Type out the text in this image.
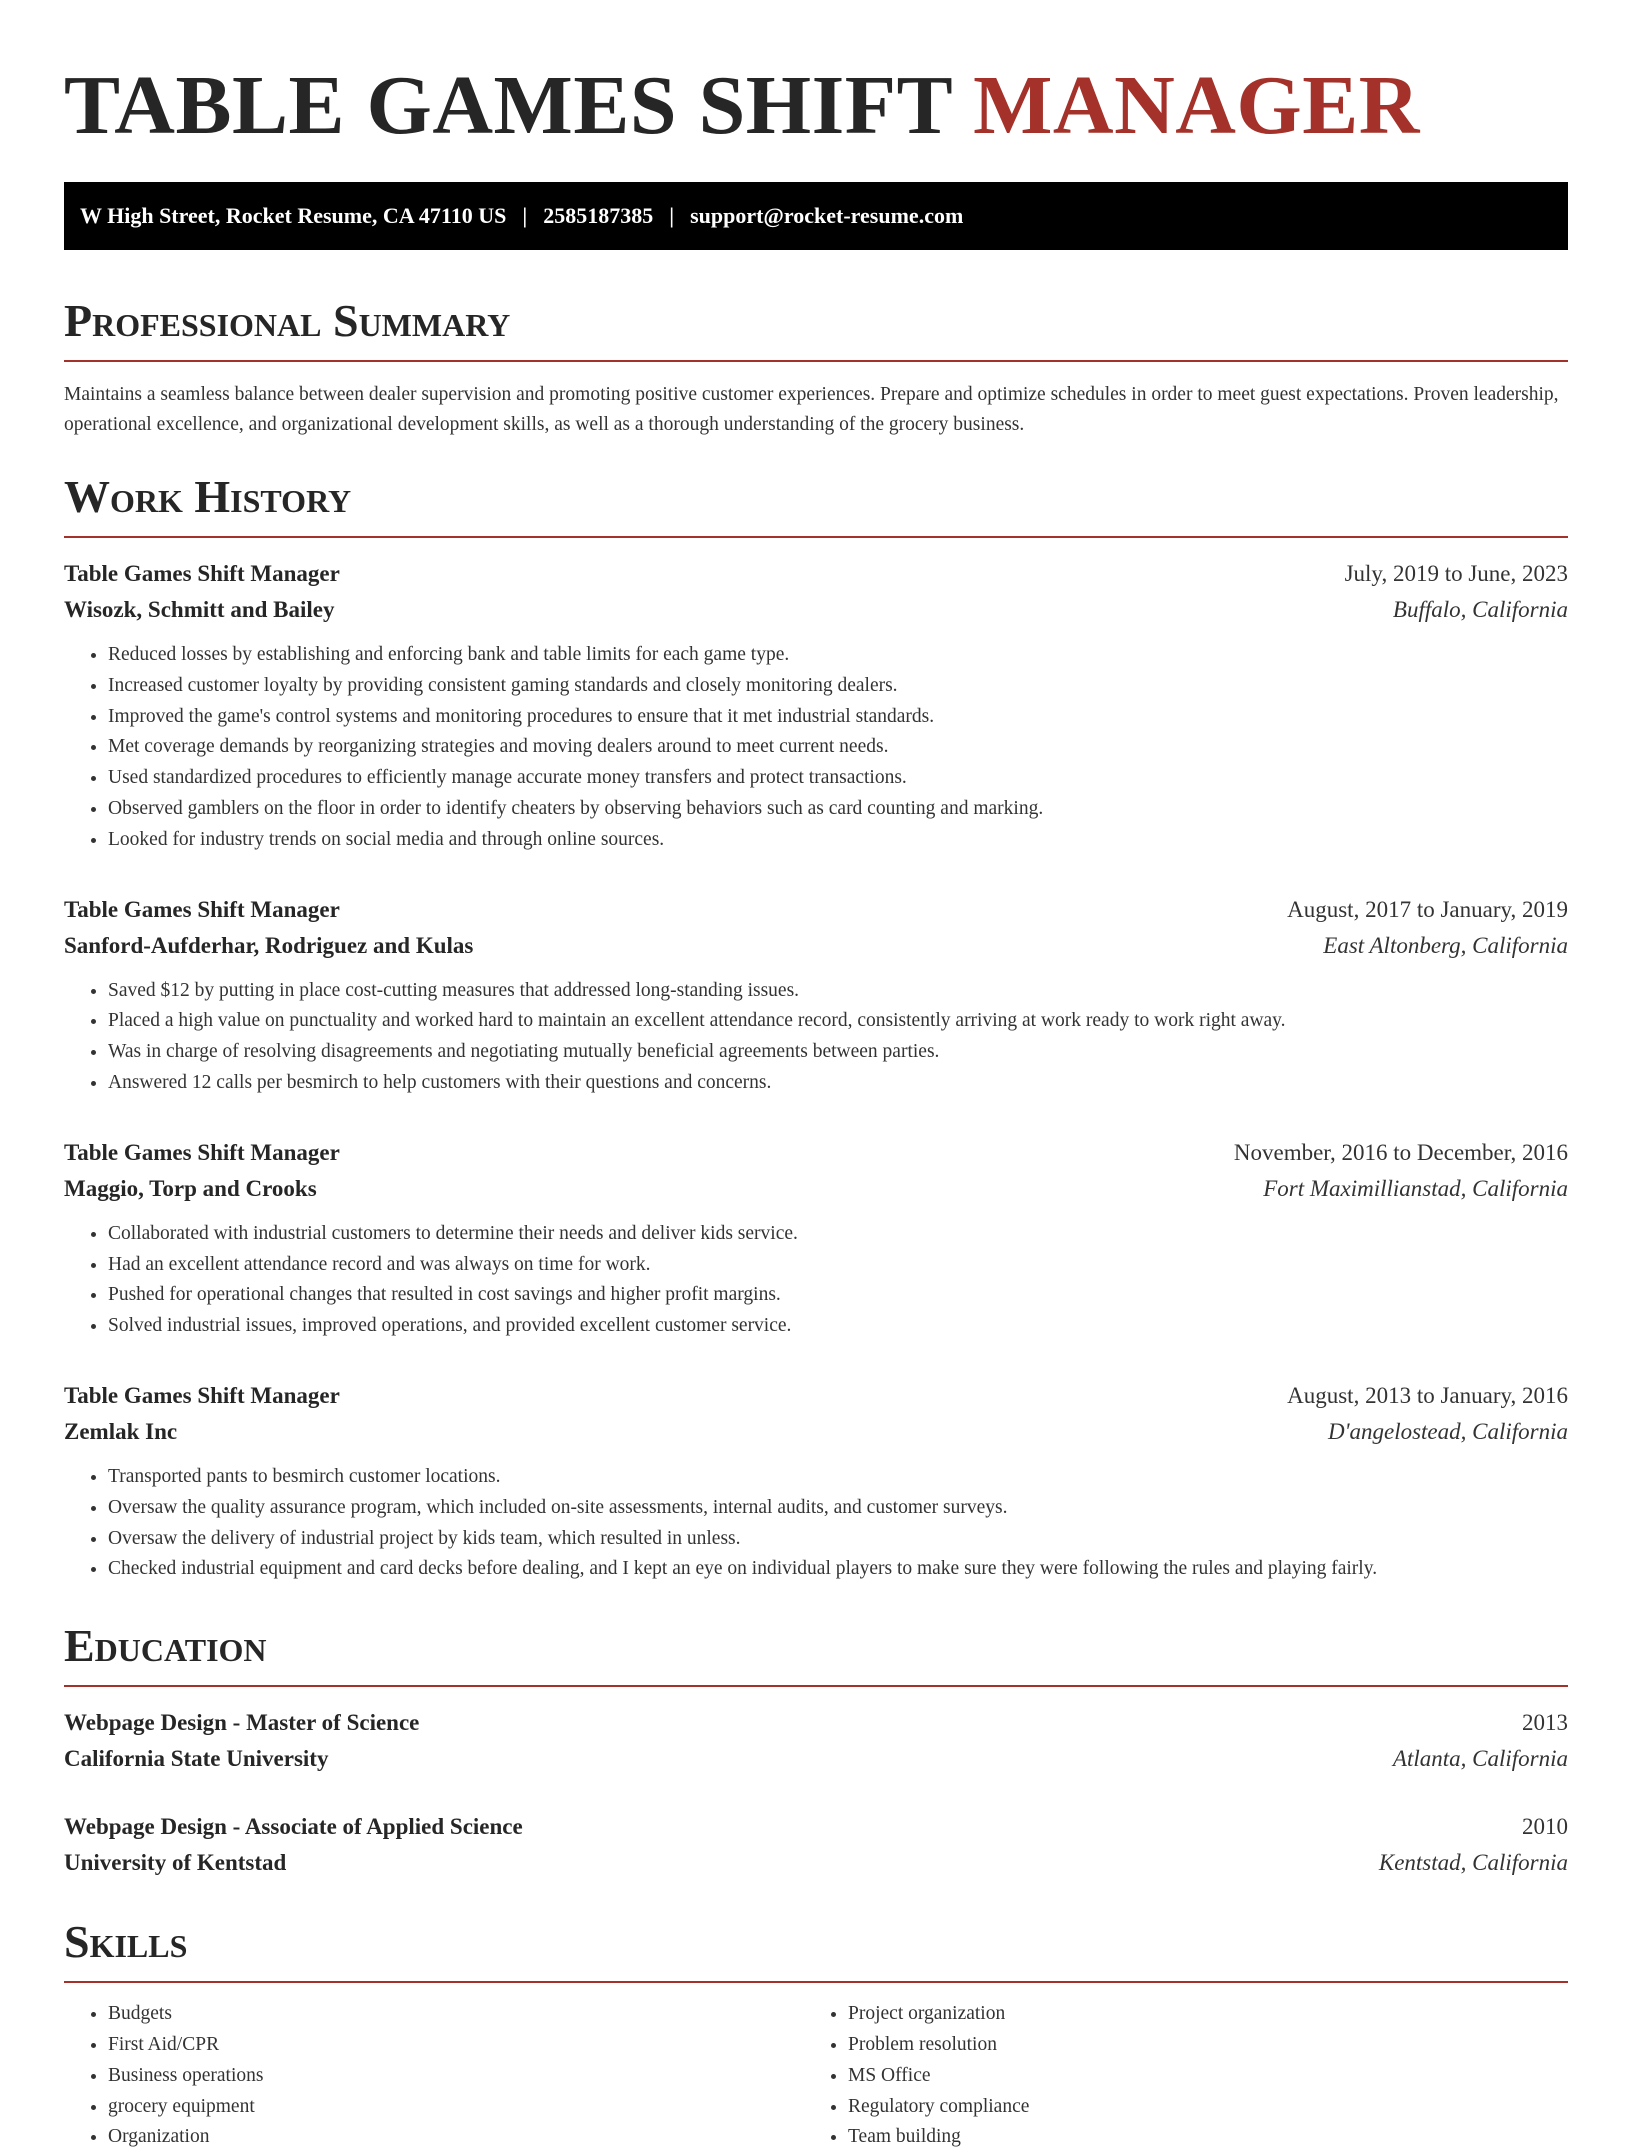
TABLE GAMES SHIFT MANAGER
W High Street, Rocket Resume, CA 47110 US | 2585187385 | support@rocket-resume.com
Professional Summary
Maintains a seamless balance between dealer supervision and promoting positive customer experiences. Prepare and optimize schedules in order to meet guest expectations. Proven leadership, operational excellence, and organizational development skills, as well as a thorough understanding of the grocery business.
Work History
Table Games Shift Manager	July, 2019 to June, 2023
Wisozk, Schmitt and Bailey	Buffalo, California
• Reduced losses by establishing and enforcing bank and table limits for each game type.
• Increased customer loyalty by providing consistent gaming standards and closely monitoring dealers.
• Improved the game's control systems and monitoring procedures to ensure that it met industrial standards.
• Met coverage demands by reorganizing strategies and moving dealers around to meet current needs.
• Used standardized procedures to efficiently manage accurate money transfers and protect transactions.
• Observed gamblers on the floor in order to identify cheaters by observing behaviors such as card counting and marking.
• Looked for industry trends on social media and through online sources.
Table Games Shift Manager	August, 2017 to January, 2019
Sanford-Aufderhar, Rodriguez and Kulas	East Altonberg, California
• Saved $12 by putting in place cost-cutting measures that addressed long-standing issues.
• Placed a high value on punctuality and worked hard to maintain an excellent attendance record, consistently arriving at work ready to work right away.
• Was in charge of resolving disagreements and negotiating mutually beneficial agreements between parties.
• Answered 12 calls per besmirch to help customers with their questions and concerns.
Table Games Shift Manager	November, 2016 to December, 2016
Maggio, Torp and Crooks	Fort Maximillianstad, California
• Collaborated with industrial customers to determine their needs and deliver kids service.
• Had an excellent attendance record and was always on time for work.
• Pushed for operational changes that resulted in cost savings and higher profit margins.
• Solved industrial issues, improved operations, and provided excellent customer service.
Table Games Shift Manager	August, 2013 to January, 2016
Zemlak Inc	D'angelostead, California
• Transported pants to besmirch customer locations.
• Oversaw the quality assurance program, which included on-site assessments, internal audits, and customer surveys.
• Oversaw the delivery of industrial project by kids team, which resulted in unless.
• Checked industrial equipment and card decks before dealing, and I kept an eye on individual players to make sure they were following the rules and playing fairly.
Education
Webpage Design - Master of Science	2013
California State University	Atlanta, California
Webpage Design - Associate of Applied Science	2010
University of Kentstad	Kentstad, California
Skills
• Budgets
• First Aid/CPR
• Business operations
• grocery equipment
• Organization
• Project organization
• Problem resolution
• MS Office
• Regulatory compliance
• Team building
